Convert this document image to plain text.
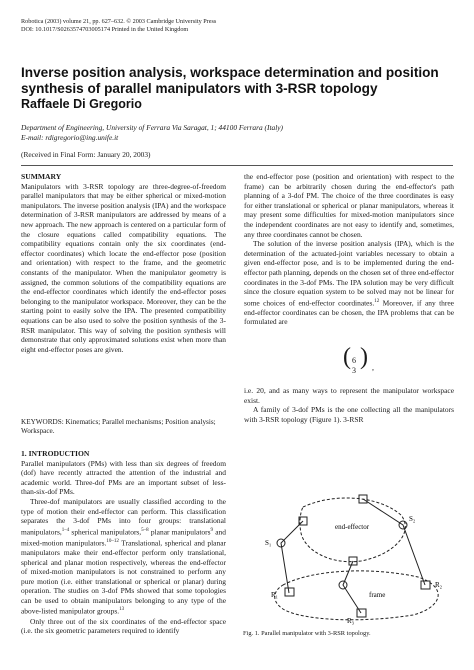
Robotica (2003) volume 21, pp. 627–632. © 2003 Cambridge University Press
DOI: 10.1017/S0263574703005174 Printed in the United Kingdom
Inverse position analysis, workspace determination and position synthesis of parallel manipulators with 3-RSR topology
Raffaele Di Gregorio
Department of Engineering, University of Ferrara Via Saragat, 1; 44100 Ferrara (Italy)
E-mail: rdigregorio@ing.unife.it
(Received in Final Form: January 20, 2003)

SUMMARY

Manipulators with 3-RSR topology are three-degree-of-freedom parallel manipulators that may be either spherical or mixed-motion manipulators. The inverse position analysis (IPA) and the workspace determination of 3-RSR manipulators are addressed by means of a new approach. The new approach is centered on a particular form of the closure equations called compatibility equations. The compatibility equations contain only the six coordinates (end-effector coordinates) which locate the end-effector pose (position and orientation) with respect to the frame, and the geometric constants of the manipulator. When the manipulator geometry is assigned, the common solutions of the compatibility equations are the end-effector coordinates which identify the end-effector poses belonging to the manipulator workspace. Moreover, they can be the starting point to easily solve the IPA. The presented compatibility equations can be also used to solve the position synthesis of the 3-RSR manipulator. This way of solving the position synthesis will demonstrate that only approximated solutions exist when more than eight end-effector poses are given.

KEYWORDS: Kinematics; Parallel mechanisms; Position analysis; Workspace.

1. INTRODUCTION

Parallel manipulators (PMs) with less than six degrees of freedom (dof) have recently attracted the attention of the industrial and academic world. Three-dof PMs are an important subset of less-than-six-dof PMs.

Three-dof manipulators are usually classified according to the type of motion their end-effector can perform. This classification separates the 3-dof PMs into four groups: translational manipulators,$^{1-4}$ spherical manipulators,$^{5-8}$ planar manipulators$^9$ and mixed-motion manipulators.$^{10-12}$ Translational, spherical and planar manipulators make their end-effector perform only translational, spherical and planar motion respectively, whereas the end-effector of mixed-motion manipulators is not constrained to perform any pure motion (i.e. either translational or spherical or planar) during operation. The studies on 3-dof PMs showed that some topologies can be used to obtain manipulators belonging to any type of the above-listed manipulator groups.$^{13}$

Only three out of the six coordinates of the end-effector space (i.e. the six geometric parameters required to identify

the end-effector pose (position and orientation) with respect to the frame) can be arbitrarily chosen during the end-effector's path planning of a 3-dof PM. The choice of the three coordinates is easy for either translational or spherical or planar manipulators, whereas it may present some difficulties for mixed-motion manipulators since the independent coordinates are not easy to identify and, sometimes, any three coordinates cannot be chosen.

The solution of the inverse position analysis (IPA), which is the determination of the actuated-joint variables necessary to obtain a given end-effector pose, and is to be implemented during the end-effector path planning, depends on the chosen set of three end-effector coordinates in the 3-dof PMs. The IPA solution may be very difficult since the closure equation system to be solved may not be linear for some choices of end-effector coordinates.$^{12}$ Moreover, if any three end-effector coordinates can be chosen, the IPA problems that can be formulated are

( 6
3
) ,

i.e. 20, and as many ways to represent the manipulator workspace exist.

A family of 3-dof PMs is the one collecting all the manipulators with 3-RSR topology (Figure 1). 3-RSR

end-effector
frame
S₁
S₂
R₁
R₂
R₃
Fig. 1. Parallel manipulator with 3-RSR topology.
